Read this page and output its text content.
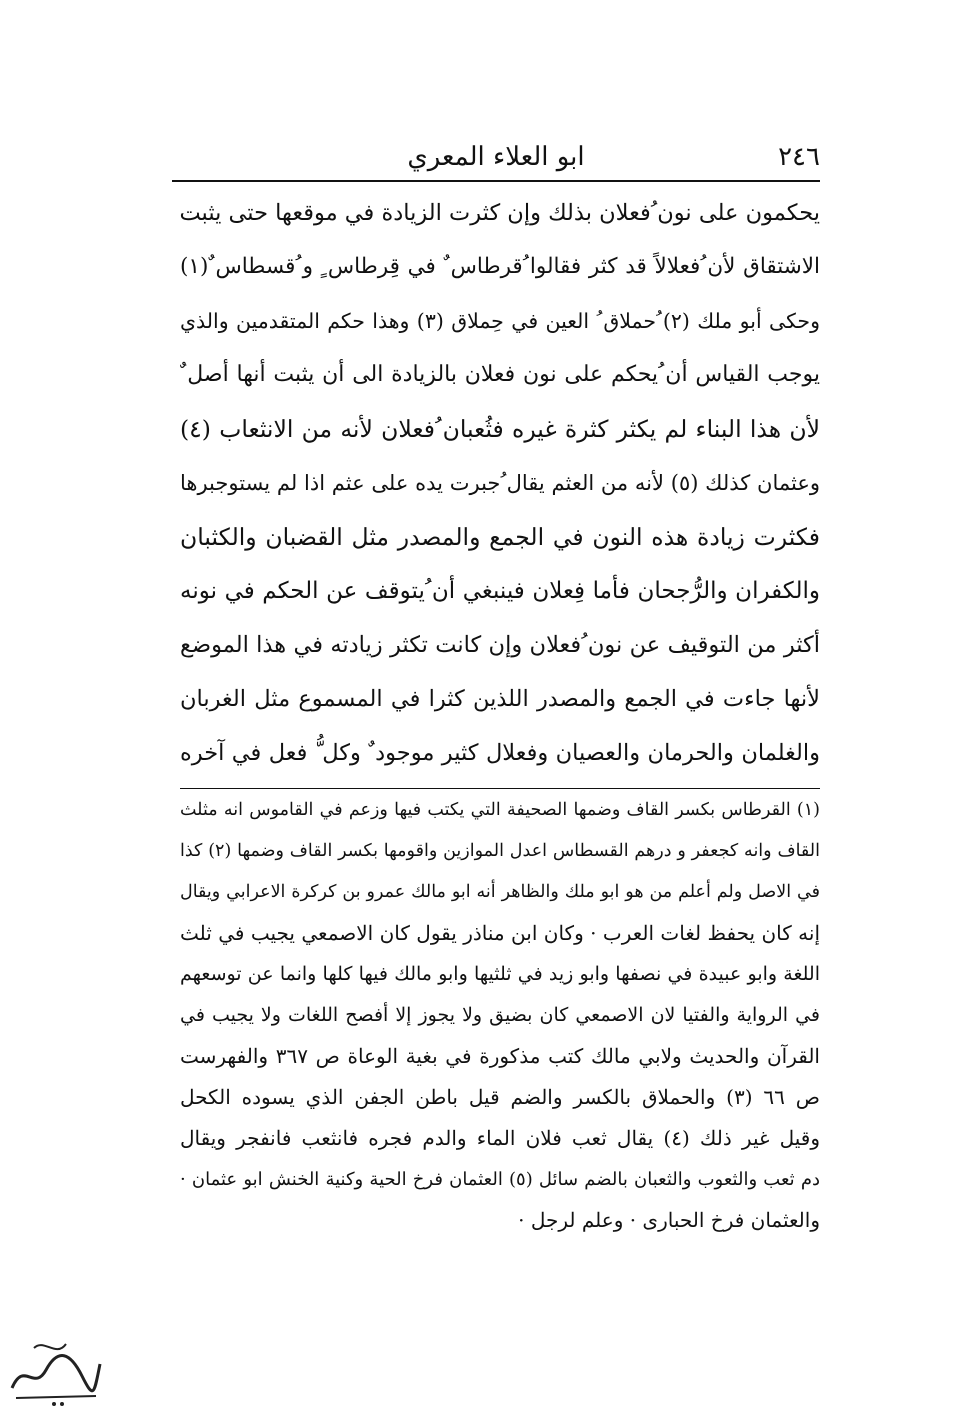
٢٤٦
ابو العلاء المعري
يحكمون على نون ُفعلان بذلك وإن كثرت الزيادة في موقعها حتى يثبت
الاشتقاق لأن ُفعلالاً قد كثر فقالوا ُقرطاس ٌ في قِرطاس ٍ و ُقسطاس ٌ(١)
وحكى أبو ملك (٢) ُحملاق ُ العين في حِملاق (٣) وهذا حكم المتقدمين والذي
يوجب القياس أن ُيحكم على نون فعلان بالزيادة الى أن يثبت أنها أصل ٌ
لأن هذا البناء لم يكثر كثرة غيره فثُعبان ُفعلان لأنه من الانثعاب (٤)
وعثمان كذلك (٥) لأنه من العثم يقال ُجبرت يده على عثم اذا لم يستوجبرها
فكثرت زيادة هذه النون في الجمع والمصدر مثل القضبان والكثبان
والكفران والرُّجحان فأما فِعلان فينبغي أن ُيتوقف عن الحكم في نونه
أكثر من التوقيف عن نون ُفعلان وإن كانت تكثر زيادته في هذا الموضع
لأنها جاءت في الجمع والمصدر اللذين كثرا في المسموع مثل الغربان
والغلمان والحرمان والعصيان وفعلال كثير موجود ٌ وكل ُّ فعل في آخره
(١) القرطاس بكسر القاف وضمها الصحيفة التي يكتب فيها وزعم في القاموس انه مثلث
القاف وانه كجعفر و درهم القسطاس اعدل الموازين واقومها بكسر القاف وضمها (٢) كذا
في الاصل ولم أعلم من هو ابو ملك والظاهر أنه ابو مالك عمرو بن كركرة الاعرابي ويقال
إنه كان يحفظ لغات العرب · وكان ابن مناذر يقول كان الاصمعي يجيب في ثلث
اللغة وابو عبيدة في نصفها وابو زيد في ثلثيها وابو مالك فيها كلها وانما عن توسعهم
في الرواية والفتيا لان الاصمعي كان بضيق ولا يجوز إلا أفصح اللغات ولا يجيب في
القرآن والحديث ولابي مالك كتب مذكورة في بغية الوعاة ص ٣٦٧ والفهرست
ص ٦٦ (٣) والحملاق بالكسر والضم قيل باطن الجفن الذي يسوده الكحل
وقيل غير ذلك (٤) يقال ثعب فلان الماء والدم فجره فانثعب فانفجر ويقال
دم ثعب والثعوب والثعبان بالضم سائل (٥) العثمان فرخ الحية وكنية الخنش ابو عثمان ·
والعثمان فرخ الحبارى · وعلم لرجل ·
